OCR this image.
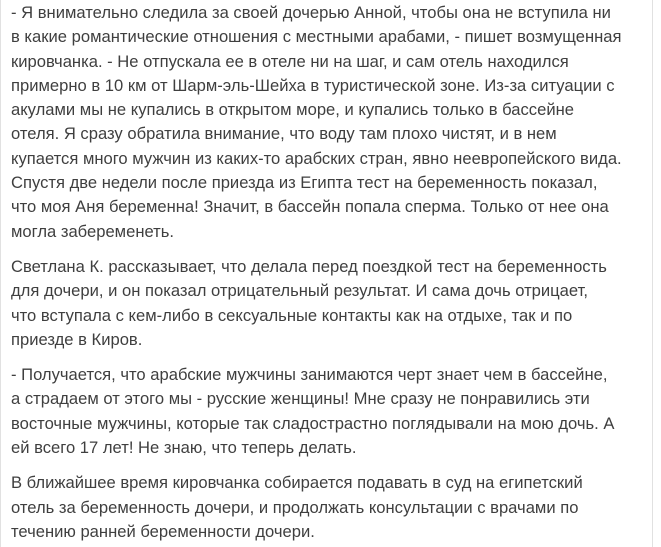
- Я внимательно следила за своей дочерью Анной, чтобы она не вступила ни
в какие романтические отношения с местными арабами, - пишет возмущенная
кировчанка. - Не отпускала ее в отеле ни на шаг, и сам отель находился
примерно в 10 км от Шарм-эль-Шейха в туристической зоне. Из-за ситуации с
акулами мы не купались в открытом море, и купались только в бассейне
отеля. Я сразу обратила внимание, что воду там плохо чистят, и в нем
купается много мужчин из каких-то арабских стран, явно неевропейского вида.
Спустя две недели после приезда из Египта тест на беременность показал,
что моя Аня беременна! Значит, в бассейн попала сперма. Только от нее она
могла забеременеть.
Светлана К. рассказывает, что делала перед поездкой тест на беременность
для дочери, и он показал отрицательный результат. И сама дочь отрицает,
что вступала с кем-либо в сексуальные контакты как на отдыхе, так и по
приезде в Киров.
- Получается, что арабские мужчины занимаются черт знает чем в бассейне,
а страдаем от этого мы - русские женщины! Мне сразу не понравились эти
восточные мужчины, которые так сладострастно поглядывали на мою дочь. А
ей всего 17 лет! Не знаю, что теперь делать.
В ближайшее время кировчанка собирается подавать в суд на египетский
отель за беременность дочери, и продолжать консультации с врачами по
течению ранней беременности дочери.
